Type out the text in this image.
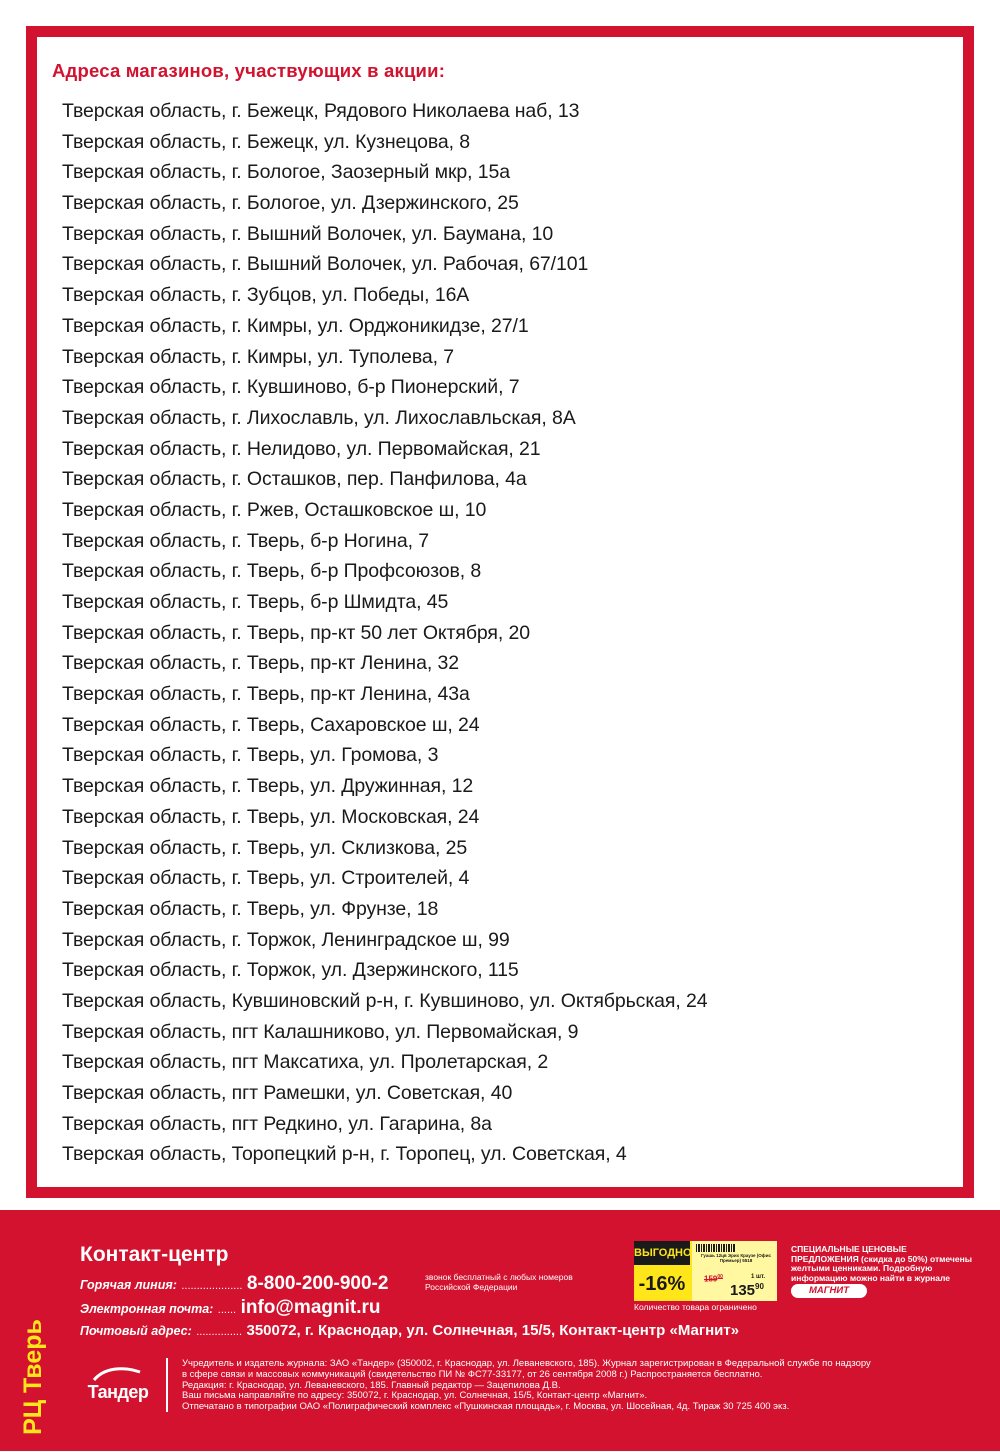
Адреса магазинов, участвующих в акции:
Тверская область, г. Бежецк, Рядового Николаева наб, 13
Тверская область, г. Бежецк, ул. Кузнецова, 8
Тверская область, г. Бологое, Заозерный мкр, 15а
Тверская область, г. Бологое, ул. Дзержинского, 25
Тверская область, г. Вышний Волочек, ул. Баумана, 10
Тверская область, г. Вышний Волочек, ул. Рабочая, 67/101
Тверская область, г. Зубцов, ул. Победы, 16А
Тверская область, г. Кимры, ул. Орджоникидзе, 27/1
Тверская область, г. Кимры, ул. Туполева, 7
Тверская область, г. Кувшиново, б-р Пионерский, 7
Тверская область, г. Лихославль, ул. Лихославльская, 8А
Тверская область, г. Нелидово, ул. Первомайская, 21
Тверская область, г. Осташков, пер. Панфилова, 4а
Тверская область, г. Ржев, Осташковское ш, 10
Тверская область, г. Тверь, б-р Ногина, 7
Тверская область, г. Тверь, б-р Профсоюзов, 8
Тверская область, г. Тверь, б-р Шмидта, 45
Тверская область, г. Тверь, пр-кт 50 лет Октября, 20
Тверская область, г. Тверь, пр-кт Ленина, 32
Тверская область, г. Тверь, пр-кт Ленина, 43а
Тверская область, г. Тверь, Сахаровское ш, 24
Тверская область, г. Тверь, ул. Громова, 3
Тверская область, г. Тверь, ул. Дружинная, 12
Тверская область, г. Тверь, ул. Московская, 24
Тверская область, г. Тверь, ул. Склизкова, 25
Тверская область, г. Тверь, ул. Строителей, 4
Тверская область, г. Тверь, ул. Фрунзе, 18
Тверская область, г. Торжок, Ленинградское ш, 99
Тверская область, г. Торжок, ул. Дзержинского, 115
Тверская область, Кувшиновский р-н, г. Кувшиново, ул. Октябрьская, 24
Тверская область, пгт Калашниково, ул. Первомайская, 9
Тверская область, пгт Максатиха, ул. Пролетарская, 2
Тверская область, пгт Рамешки, ул. Советская, 40
Тверская область, пгт Редкино, ул. Гагарина, 8а
Тверская область, Торопецкий р-н, г. Торопец, ул. Советская, 4
РЦ Тверь
Контакт-центр
Горячая линия: .................... 8-800-200-900-2
Электронная почта: ...... info@magnit.ru
Почтовый адрес: ............... 350072, г. Краснодар, ул. Солнечная, 15/5, Контакт-центр «Магнит»
звонок бесплатный с любых номеров Российской Федерации
ВЫГОДНО
-16%
Гуашь 12цв Эрих Краузе (Офис Премьер) 5518
$159^{00}$	1 шт.
$135^{90}$
Количество товара ограничено
СПЕЦИАЛЬНЫЕ ЦЕНОВЫЕ ПРЕДЛОЖЕНИЯ (скидка до 50%) отмечены желтыми ценниками. Подробную информацию можно найти в журнале
МАГНИТ
Тандер
Учредитель и издатель журнала: ЗАО «Тандер» (350002, г. Краснодар, ул. Леваневского, 185). Журнал зарегистрирован в Федеральной службе по надзору
в сфере связи и массовых коммуникаций (свидетельство ПИ № ФС77-33177, от 26 сентября 2008 г.) Распространяется бесплатно.
Редакция: г. Краснодар, ул. Леваневского, 185. Главный редактор — Зацепилова Д.В.
Ваш письма направляйте по адресу: 350072, г. Краснодар, ул. Солнечная, 15/5, Контакт-центр «Магнит».
Отпечатано в типографии ОАО «Полиграфический комплекс «Пушкинская площадь», г. Москва, ул. Шосейная, 4д. Тираж 30 725 400 экз.
